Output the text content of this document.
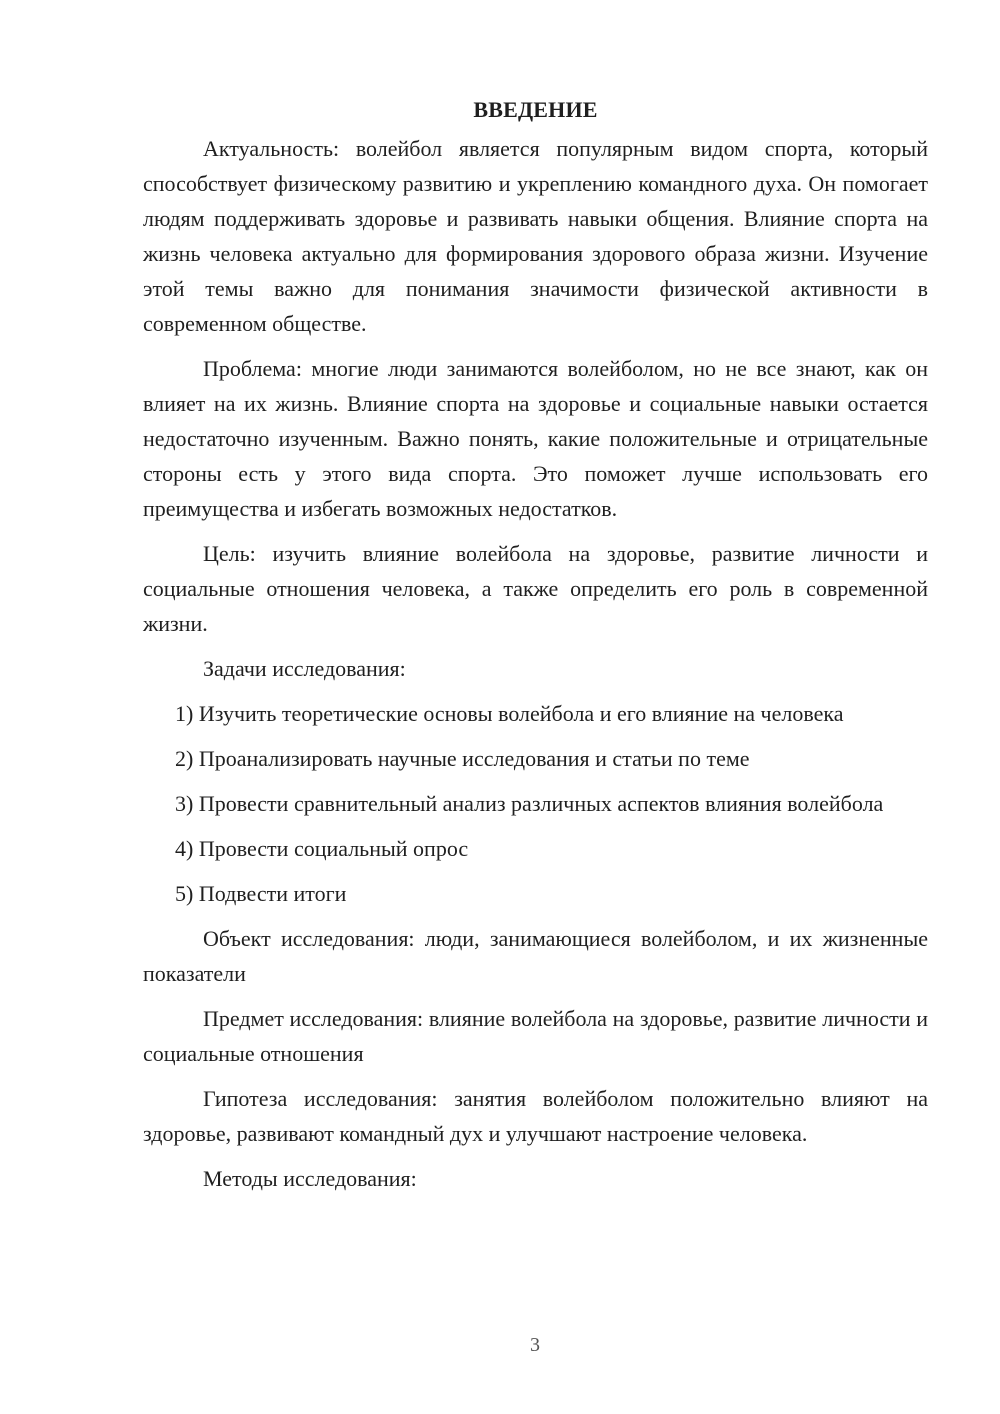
ВВЕДЕНИЕ

Актуальность: волейбол является популярным видом спорта, который способствует физическому развитию и укреплению командного духа. Он помогает людям поддерживать здоровье и развивать навыки общения. Влияние спорта на жизнь человека актуально для формирования здорового образа жизни. Изучение этой темы важно для понимания значимости физической активности в современном обществе.

Проблема: многие люди занимаются волейболом, но не все знают, как он влияет на их жизнь. Влияние спорта на здоровье и социальные навыки остается недостаточно изученным. Важно понять, какие положительные и отрицательные стороны есть у этого вида спорта. Это поможет лучше использовать его преимущества и избегать возможных недостатков.

Цель: изучить влияние волейбола на здоровье, развитие личности и социальные отношения человека, а также определить его роль в современной жизни.

Задачи исследования:

1) Изучить теоретические основы волейбола и его влияние на человека

2) Проанализировать научные исследования и статьи по теме

3) Провести сравнительный анализ различных аспектов влияния волейбола

4) Провести социальный опрос

5) Подвести итоги

Объект исследования: люди, занимающиеся волейболом, и их жизненные показатели

Предмет исследования: влияние волейбола на здоровье, развитие личности и социальные отношения

Гипотеза исследования: занятия волейболом положительно влияют на здоровье, развивают командный дух и улучшают настроение человека.

Методы исследования:

3
